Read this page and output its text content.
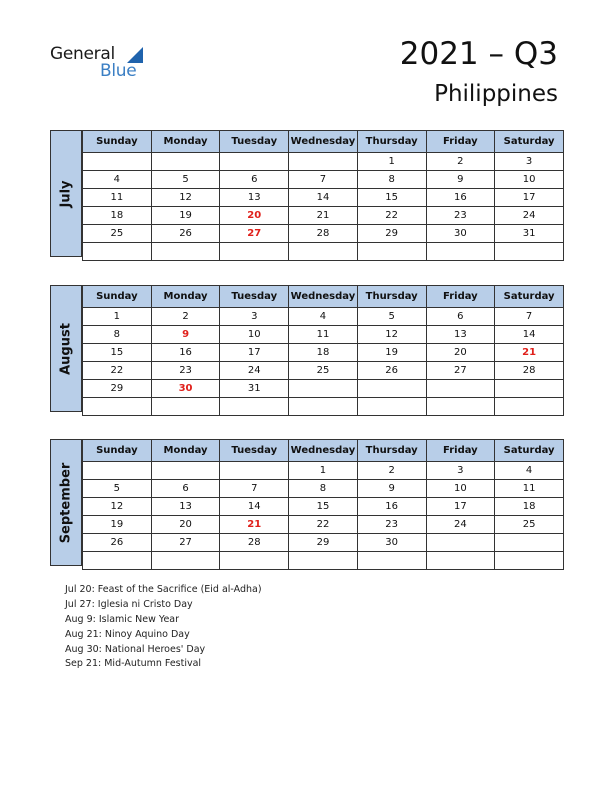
General
Blue	2021 – Q3
Philippines
July
Sunday	Monday	Tuesday	Wednesday	Thursday	Friday	Saturday
				1	2	3
4	5	6	7	8	9	10
11	12	13	14	15	16	17
18	19	20	21	22	23	24
25	26	27	28	29	30	31

August
Sunday	Monday	Tuesday	Wednesday	Thursday	Friday	Saturday
1	2	3	4	5	6	7
8	9	10	11	12	13	14
15	16	17	18	19	20	21
22	23	24	25	26	27	28
29	30	31				

September
Sunday	Monday	Tuesday	Wednesday	Thursday	Friday	Saturday
			1	2	3	4
5	6	7	8	9	10	11
12	13	14	15	16	17	18
19	20	21	22	23	24	25
26	27	28	29	30		

Jul 20: Feast of the Sacrifice (Eid al-Adha)
Jul 27: Iglesia ni Cristo Day
Aug 9: Islamic New Year
Aug 21: Ninoy Aquino Day
Aug 30: National Heroes' Day
Sep 21: Mid-Autumn Festival
